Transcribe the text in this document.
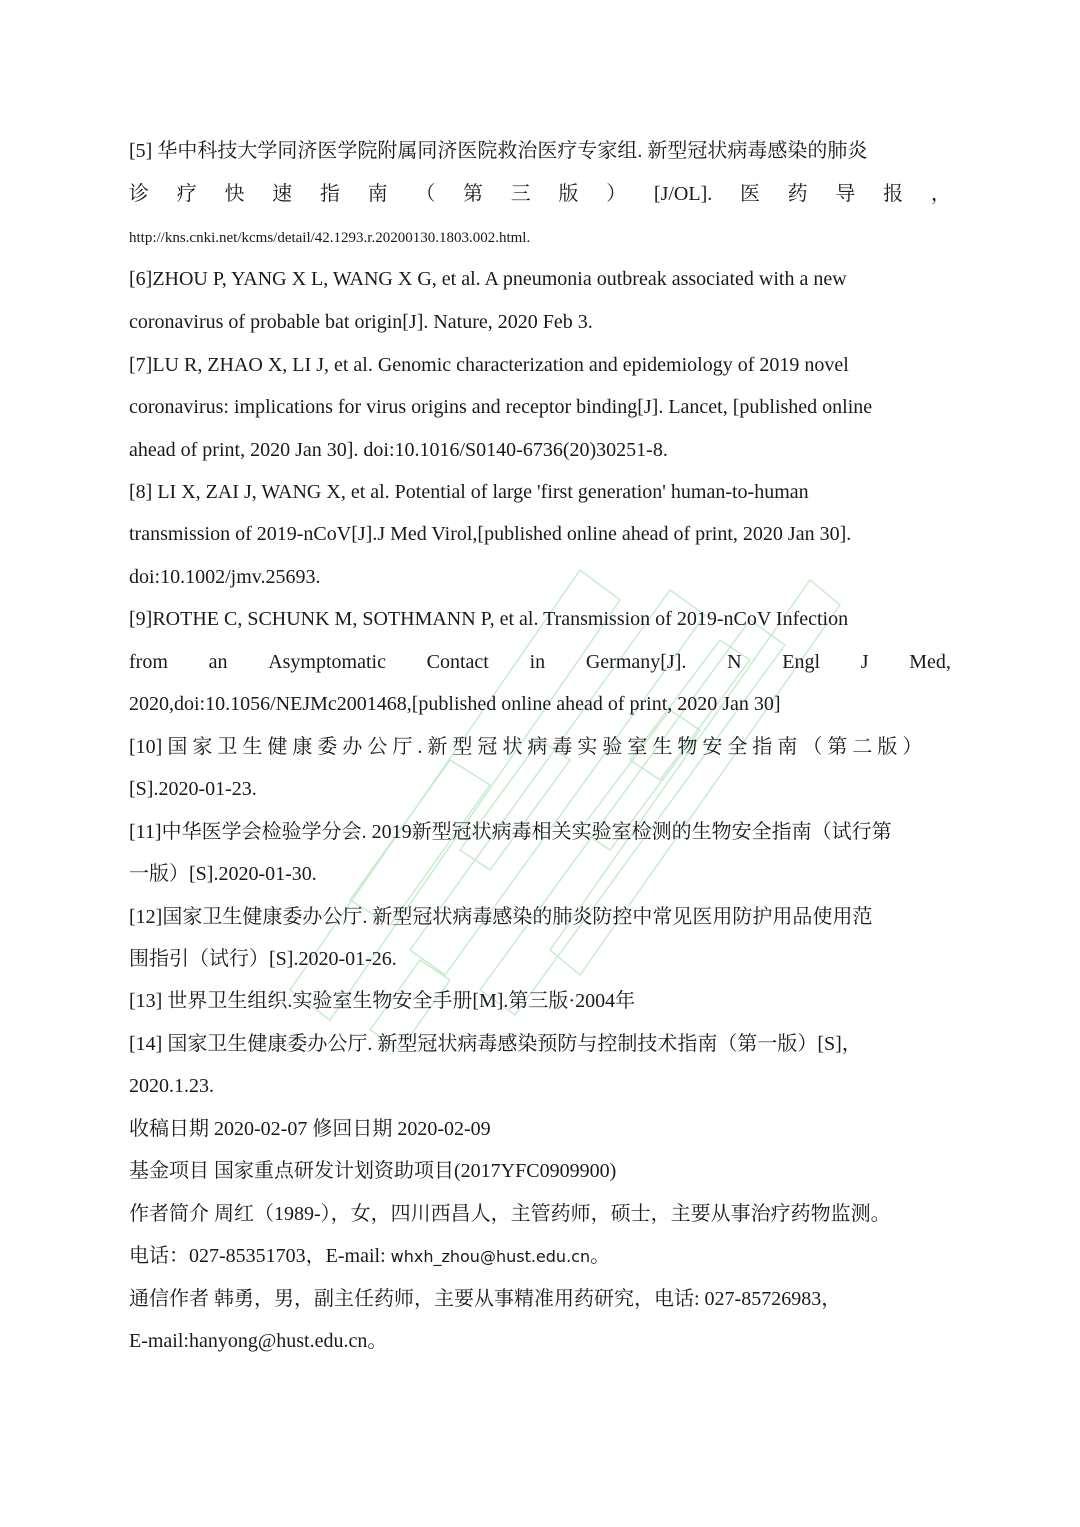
[5] 华中科技大学同济医学院附属同济医院救治医疗专家组. 新型冠状病毒感染的肺炎
诊 疗 快 速 指 南 （ 第 三 版 ） [J/OL]. 医 药 导 报 ，
http://kns.cnki.net/kcms/detail/42.1293.r.20200130.1803.002.html.
[6]ZHOU P, YANG X L, WANG X G, et al. A pneumonia outbreak associated with a new
coronavirus of probable bat origin[J]. Nature, 2020 Feb 3.
[7]LU R, ZHAO X, LI J, et al. Genomic characterization and epidemiology of 2019 novel
coronavirus: implications for virus origins and receptor binding[J]. Lancet, [published online
ahead of print, 2020 Jan 30]. doi:10.1016/S0140-6736(20)30251-8.
[8] LI X, ZAI J, WANG X, et al. Potential of large 'first generation' human-to-human
transmission of 2019-nCoV[J].J Med Virol,[published online ahead of print, 2020 Jan 30].
doi:10.1002/jmv.25693.
[9]ROTHE C, SCHUNK M, SOTHMANN P, et al. Transmission of 2019-nCoV Infection
from an Asymptomatic Contact in Germany[J]. N Engl J Med,
2020,doi:10.1056/NEJMc2001468,[published online ahead of print, 2020 Jan 30]
[10] 国 家 卫 生 健 康 委 办 公 厅 . 新 型 冠 状 病 毒 实 验 室 生 物 安 全 指 南 （ 第 二 版 ）
[S].2020-01-23.
[11]中华医学会检验学分会. 2019新型冠状病毒相关实验室检测的生物安全指南（试行第
一版）[S].2020-01-30.
[12]国家卫生健康委办公厅. 新型冠状病毒感染的肺炎防控中常见医用防护用品使用范
围指引（试行）[S].2020-01-26.
[13] 世界卫生组织.实验室生物安全手册[M].第三版·2004年
[14] 国家卫生健康委办公厅. 新型冠状病毒感染预防与控制技术指南（第一版）[S]，
2020.1.23.
收稿日期 2020-02-07 修回日期 2020-02-09
基金项目 国家重点研发计划资助项目(2017YFC0909900)
作者简介 周红（1989-），女，四川西昌人，主管药师，硕士，主要从事治疗药物监测。
电话：027-85351703，E-mail: whxh_zhou@hust.edu.cn。
通信作者 韩勇，男，副主任药师，主要从事精准用药研究，电话: 027-85726983，
E-mail:hanyong@hust.edu.cn。
